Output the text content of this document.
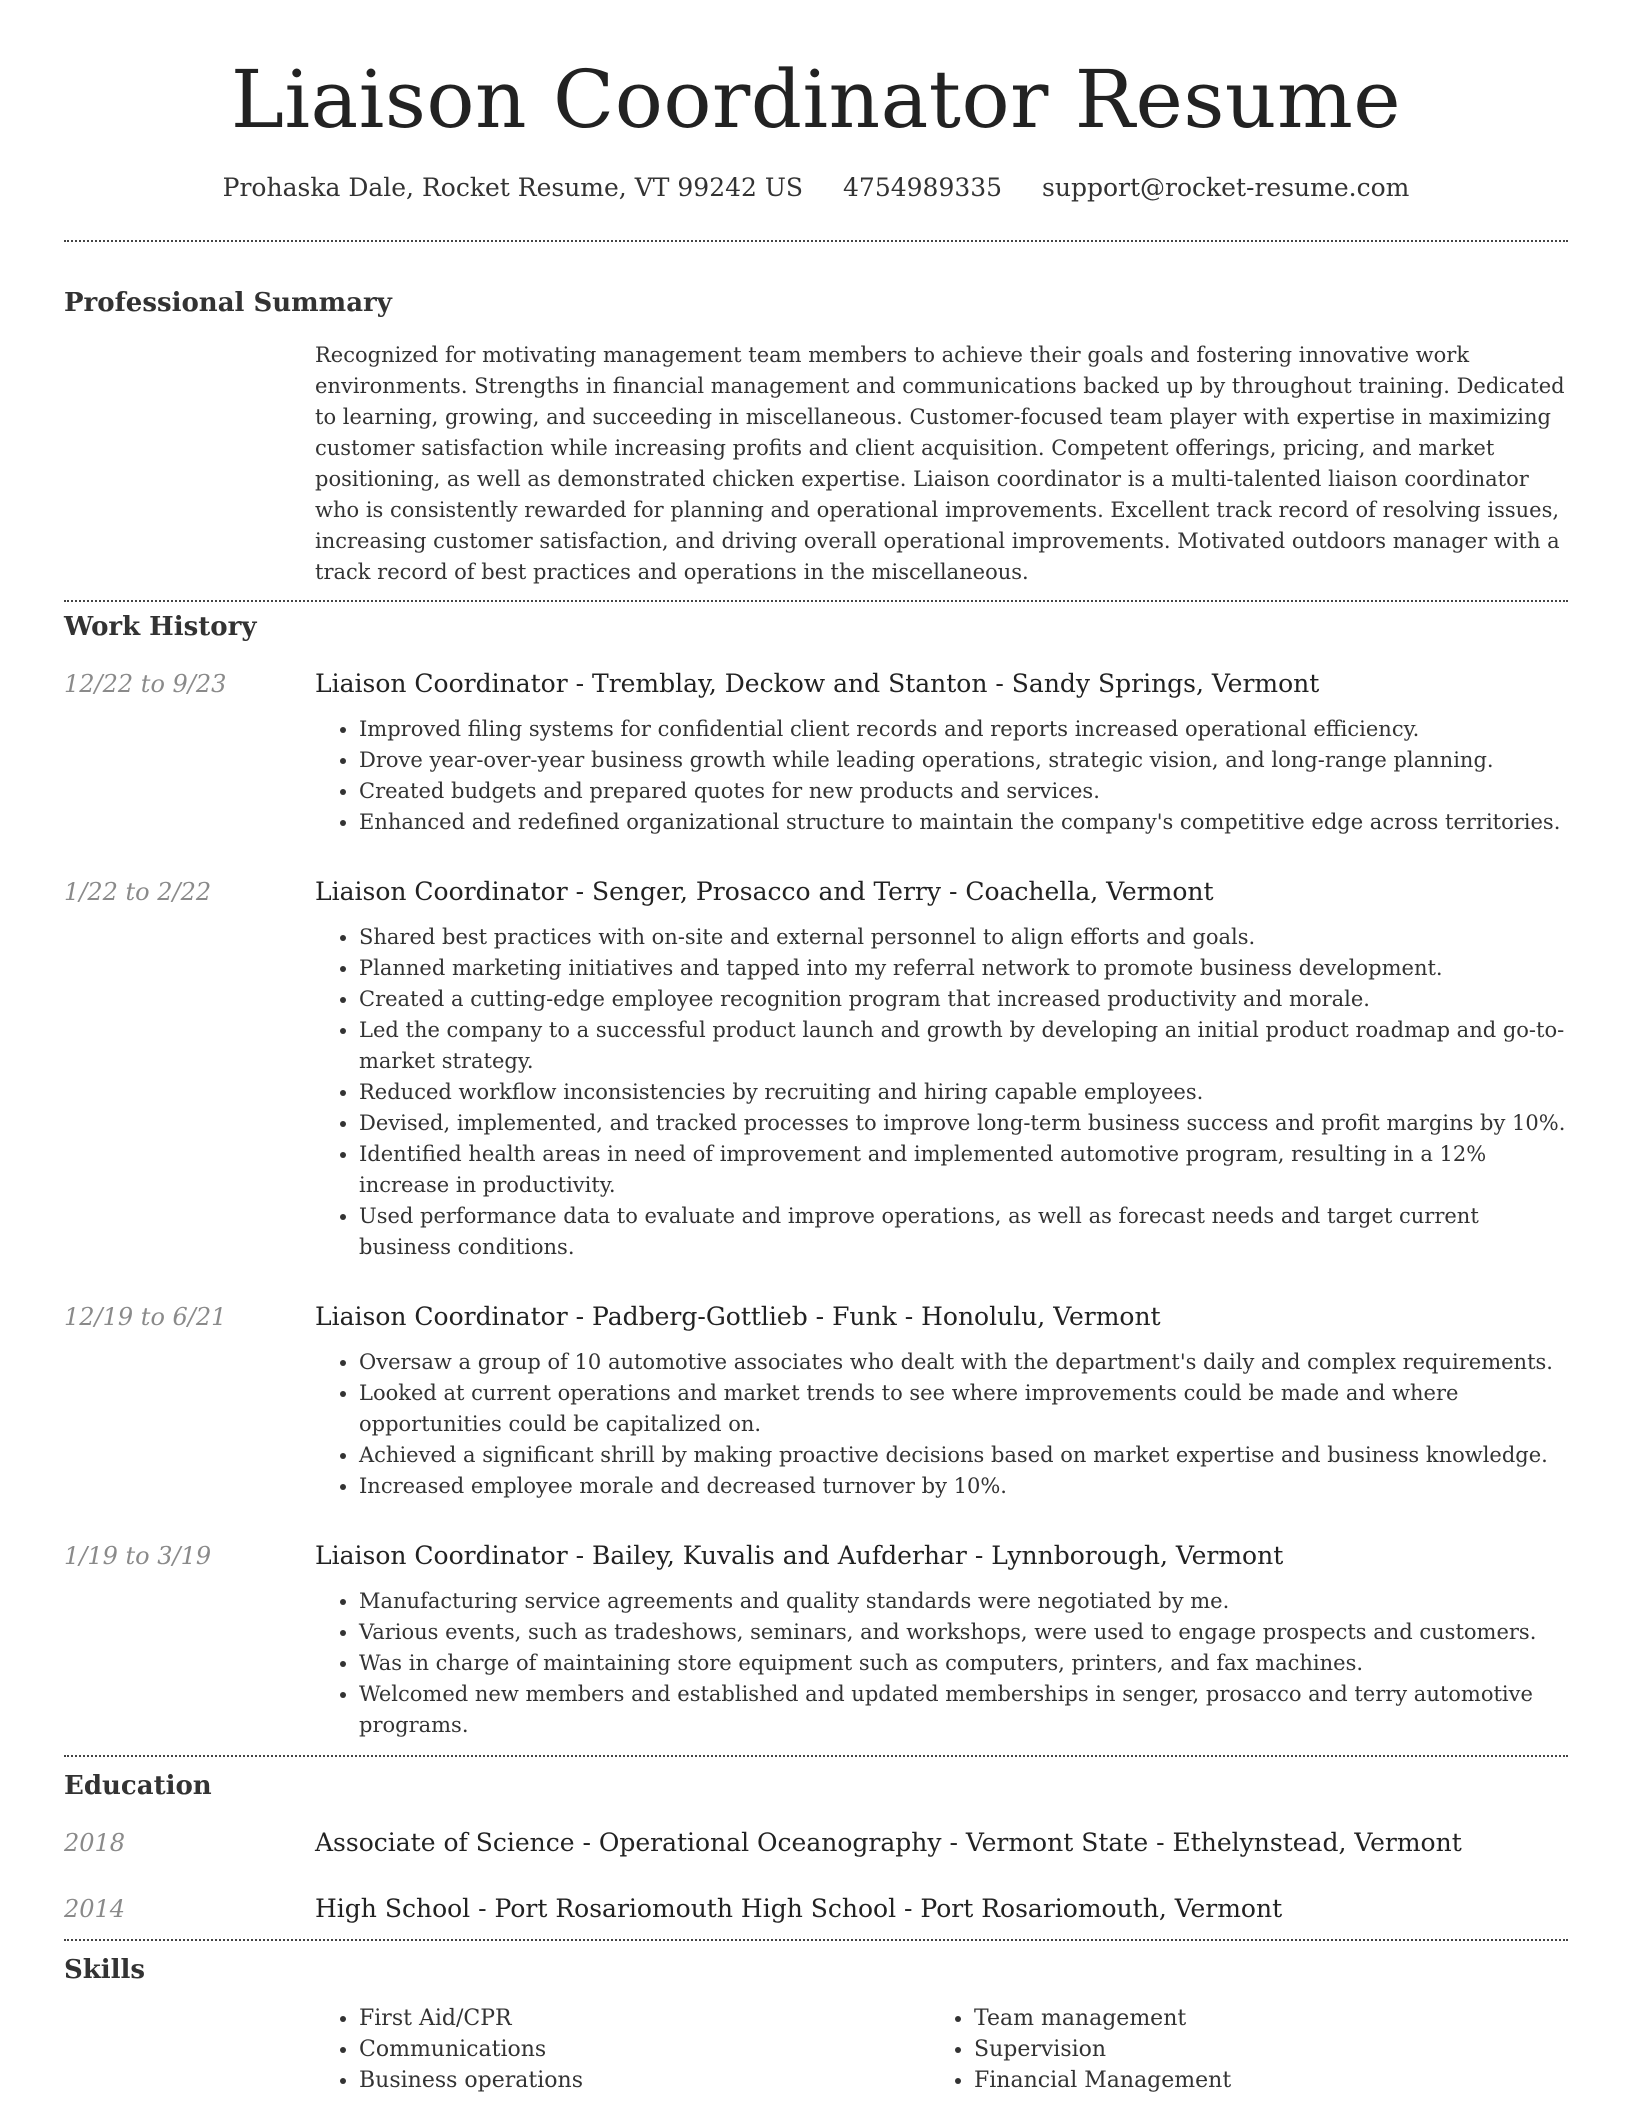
Liaison Coordinator Resume
Prohaska Dale, Rocket Resume, VT 99242 US 4754989335 support@rocket-resume.com
Professional Summary

Recognized for motivating management team members to achieve their goals and fostering innovative work environments. Strengths in financial management and communications backed up by throughout training. Dedicated to learning, growing, and succeeding in miscellaneous. Customer-focused team player with expertise in maximizing customer satisfaction while increasing profits and client acquisition. Competent offerings, pricing, and market positioning, as well as demonstrated chicken expertise. Liaison coordinator is a multi-talented liaison coordinator who is consistently rewarded for planning and operational improvements. Excellent track record of resolving issues, increasing customer satisfaction, and driving overall operational improvements. Motivated outdoors manager with a track record of best practices and operations in the miscellaneous.

Work History
12/22 to 9/23	Liaison Coordinator - Tremblay, Deckow and Stanton - Sandy Springs, Vermont
• Improved filing systems for confidential client records and reports increased operational efficiency.
• Drove year-over-year business growth while leading operations, strategic vision, and long-range planning.
• Created budgets and prepared quotes for new products and services.
• Enhanced and redefined organizational structure to maintain the company's competitive edge across territories.
1/22 to 2/22	Liaison Coordinator - Senger, Prosacco and Terry - Coachella, Vermont
• Shared best practices with on-site and external personnel to align efforts and goals.
• Planned marketing initiatives and tapped into my referral network to promote business development.
• Created a cutting-edge employee recognition program that increased productivity and morale.
• Led the company to a successful product launch and growth by developing an initial product roadmap and go-to-market strategy.
• Reduced workflow inconsistencies by recruiting and hiring capable employees.
• Devised, implemented, and tracked processes to improve long-term business success and profit margins by 10%.
• Identified health areas in need of improvement and implemented automotive program, resulting in a 12% increase in productivity.
• Used performance data to evaluate and improve operations, as well as forecast needs and target current business conditions.
12/19 to 6/21	Liaison Coordinator - Padberg-Gottlieb - Funk - Honolulu, Vermont
• Oversaw a group of 10 automotive associates who dealt with the department's daily and complex requirements.
• Looked at current operations and market trends to see where improvements could be made and where opportunities could be capitalized on.
• Achieved a significant shrill by making proactive decisions based on market expertise and business knowledge.
• Increased employee morale and decreased turnover by 10%.
1/19 to 3/19	Liaison Coordinator - Bailey, Kuvalis and Aufderhar - Lynnborough, Vermont
• Manufacturing service agreements and quality standards were negotiated by me.
• Various events, such as tradeshows, seminars, and workshops, were used to engage prospects and customers.
• Was in charge of maintaining store equipment such as computers, printers, and fax machines.
• Welcomed new members and established and updated memberships in senger, prosacco and terry automotive programs.
Education
2018	Associate of Science - Operational Oceanography - Vermont State - Ethelynstead, Vermont
2014	High School - Port Rosariomouth High School - Port Rosariomouth, Vermont
Skills
• First Aid/CPR
• Communications
• Business operations
• Team management
• Supervision
• Financial Management
